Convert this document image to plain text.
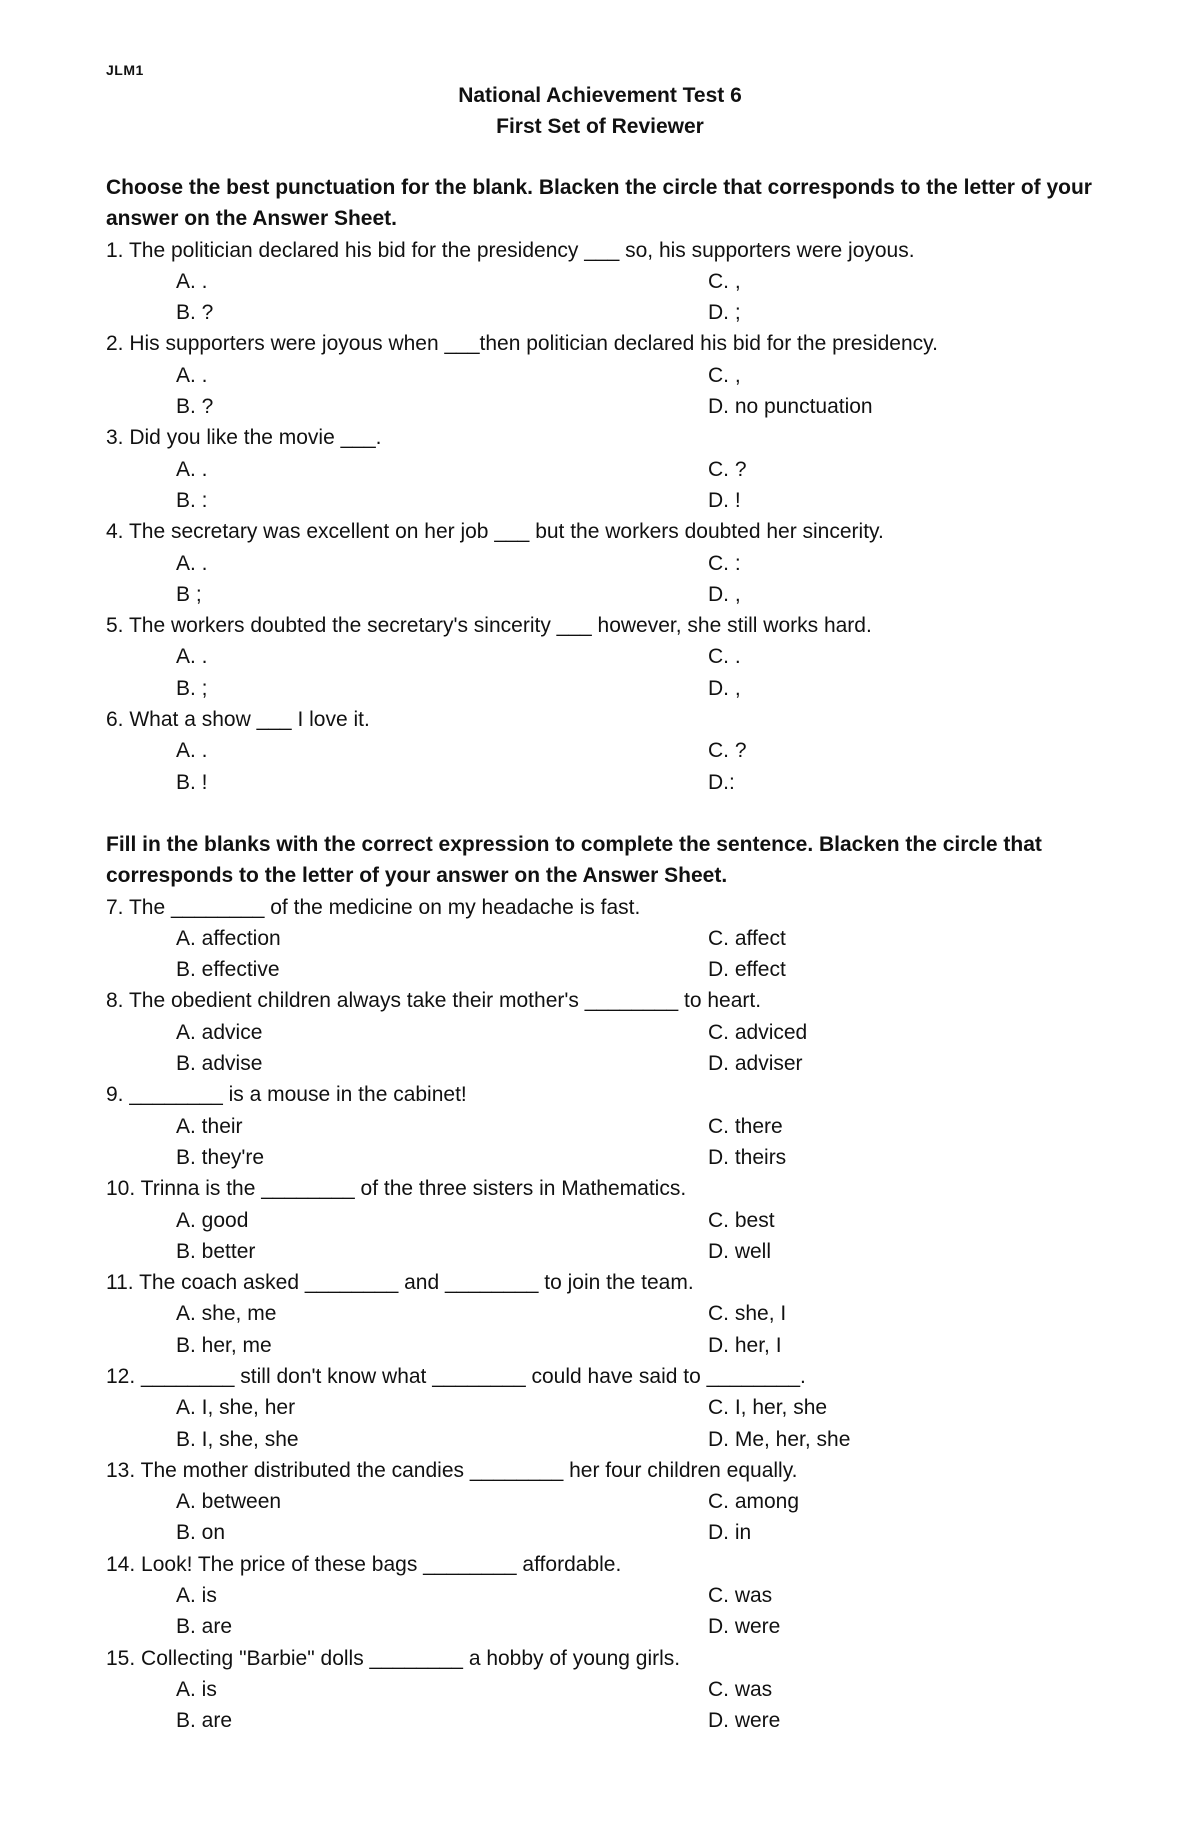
JLM1
National Achievement Test 6
First Set of Reviewer

Choose the best punctuation for the blank. Blacken the circle that corresponds to the letter of your answer on the Answer Sheet.

1. The politician declared his bid for the presidency ___ so, his supporters were joyous.

A. .	C. ,
B. ?	D. ;

2. His supporters were joyous when ___then politician declared his bid for the presidency.

A. .	C. ,
B. ?	D. no punctuation

3. Did you like the movie ___.

A. .	C. ?
B. :	D. !

4. The secretary was excellent on her job ___ but the workers doubted her sincerity.

A. .	C. :
B ;	D. ,

5. The workers doubted the secretary's sincerity ___ however, she still works hard.

A. .	C. .
B. ;	D. ,

6. What a show ___ I love it.

A. .	C. ?
B. !	D.:

Fill in the blanks with the correct expression to complete the sentence. Blacken the circle that corresponds to the letter of your answer on the Answer Sheet.

7. The ________ of the medicine on my headache is fast.

A. affection	C. affect
B. effective	D. effect

8. The obedient children always take their mother's ________ to heart.

A. advice	C. adviced
B. advise	D. adviser

9. ________ is a mouse in the cabinet!

A. their	C. there
B. they're	D. theirs

10. Trinna is the ________ of the three sisters in Mathematics.

A. good	C. best
B. better	D. well

11. The coach asked ________ and ________ to join the team.

A. she, me	C. she, I
B. her, me	D. her, I

12. ________ still don't know what ________ could have said to ________.

A. I, she, her	C. I, her, she
B. I, she, she	D. Me, her, she

13. The mother distributed the candies ________ her four children equally.

A. between	C. among
B. on	D. in

14. Look! The price of these bags ________ affordable.

A. is	C. was
B. are	D. were

15. Collecting "Barbie" dolls ________ a hobby of young girls.

A. is	C. was
B. are	D. were
